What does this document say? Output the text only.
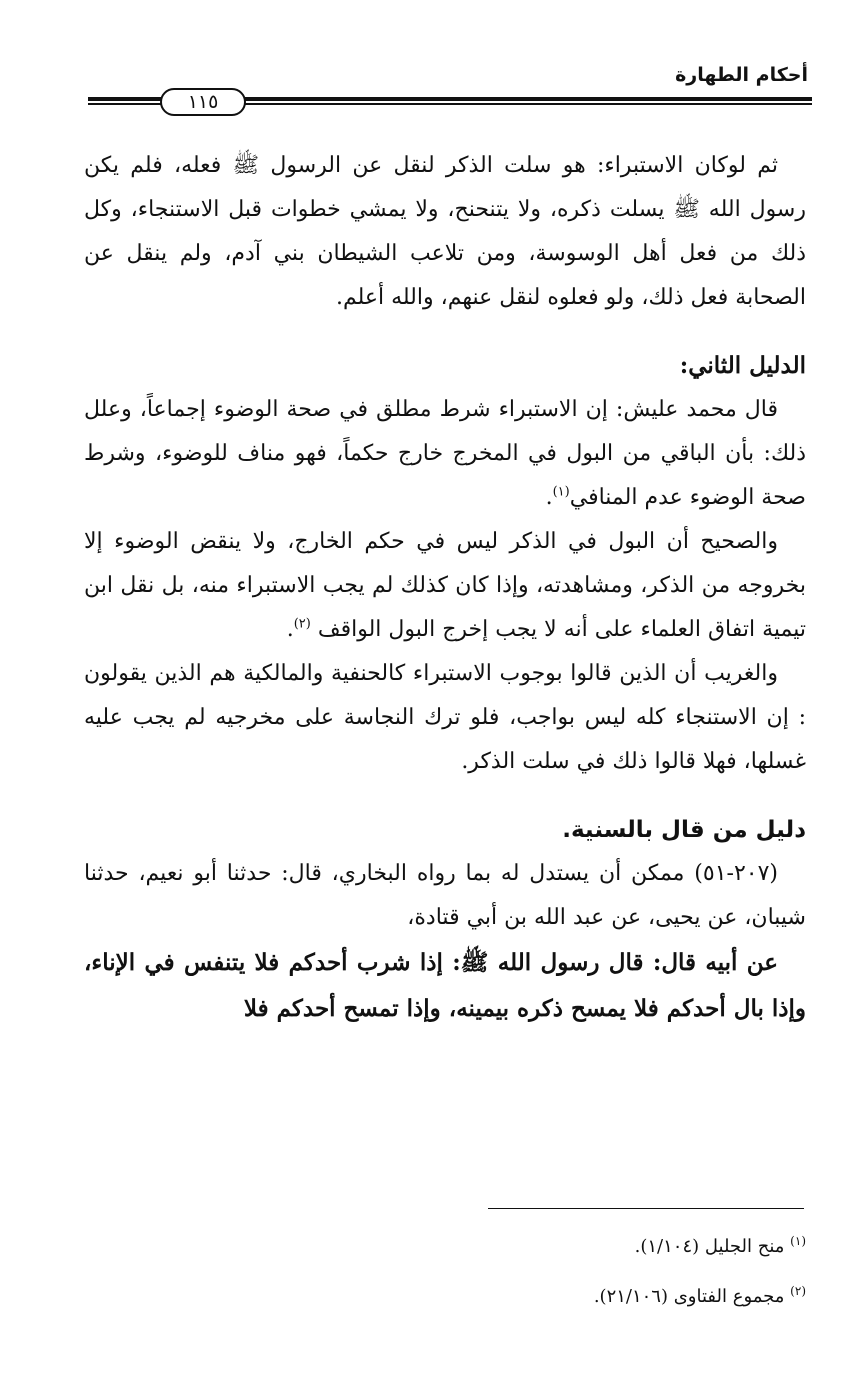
أحكام الطهارة
١١٥

ثم لوكان الاستبراء: هو سلت الذكر لنقل عن الرسول ﷺ فعله، فلم يكن رسول الله ﷺ يسلت ذكره، ولا يتنحنح، ولا يمشي خطوات قبل الاستنجاء، وكل ذلك من فعل أهل الوسوسة، ومن تلاعب الشيطان بني آدم، ولم ينقل عن الصحابة فعل ذلك، ولو فعلوه لنقل عنهم، والله أعلم.

الدليل الثاني:

قال محمد عليش: إن الاستبراء شرط مطلق في صحة الوضوء إجماعاً، وعلل ذلك: بأن الباقي من البول في المخرج خارج حكماً، فهو مناف للوضوء، وشرط صحة الوضوء عدم المنافي$^{(١)}$.

والصحيح أن البول في الذكر ليس في حكم الخارج، ولا ينقض الوضوء إلا بخروجه من الذكر، ومشاهدته، وإذا كان كذلك لم يجب الاستبراء منه، بل نقل ابن تيمية اتفاق العلماء على أنه لا يجب إخرج البول الواقف $^{(٢)}$.

والغريب أن الذين قالوا بوجوب الاستبراء كالحنفية والمالكية هم الذين يقولون : إن الاستنجاء كله ليس بواجب، فلو ترك النجاسة على مخرجيه لم يجب عليه غسلها، فهلا قالوا ذلك في سلت الذكر.

دليل من قال بالسنية.

(٢٠٧-٥١) ممكن أن يستدل له بما رواه البخاري، قال: حدثنا أبو نعيم، حدثنا شيبان، عن يحيى، عن عبد الله بن أبي قتادة،

عن أبيه قال: قال رسول الله ﷺ: إذا شرب أحدكم فلا يتنفس في الإناء، وإذا بال أحدكم فلا يمسح ذكره بيمينه، وإذا تمسح أحدكم فلا

$^{(١)}$ منح الجليل (١/١٠٤).

$^{(٢)}$ مجموع الفتاوى (٢١/١٠٦).
